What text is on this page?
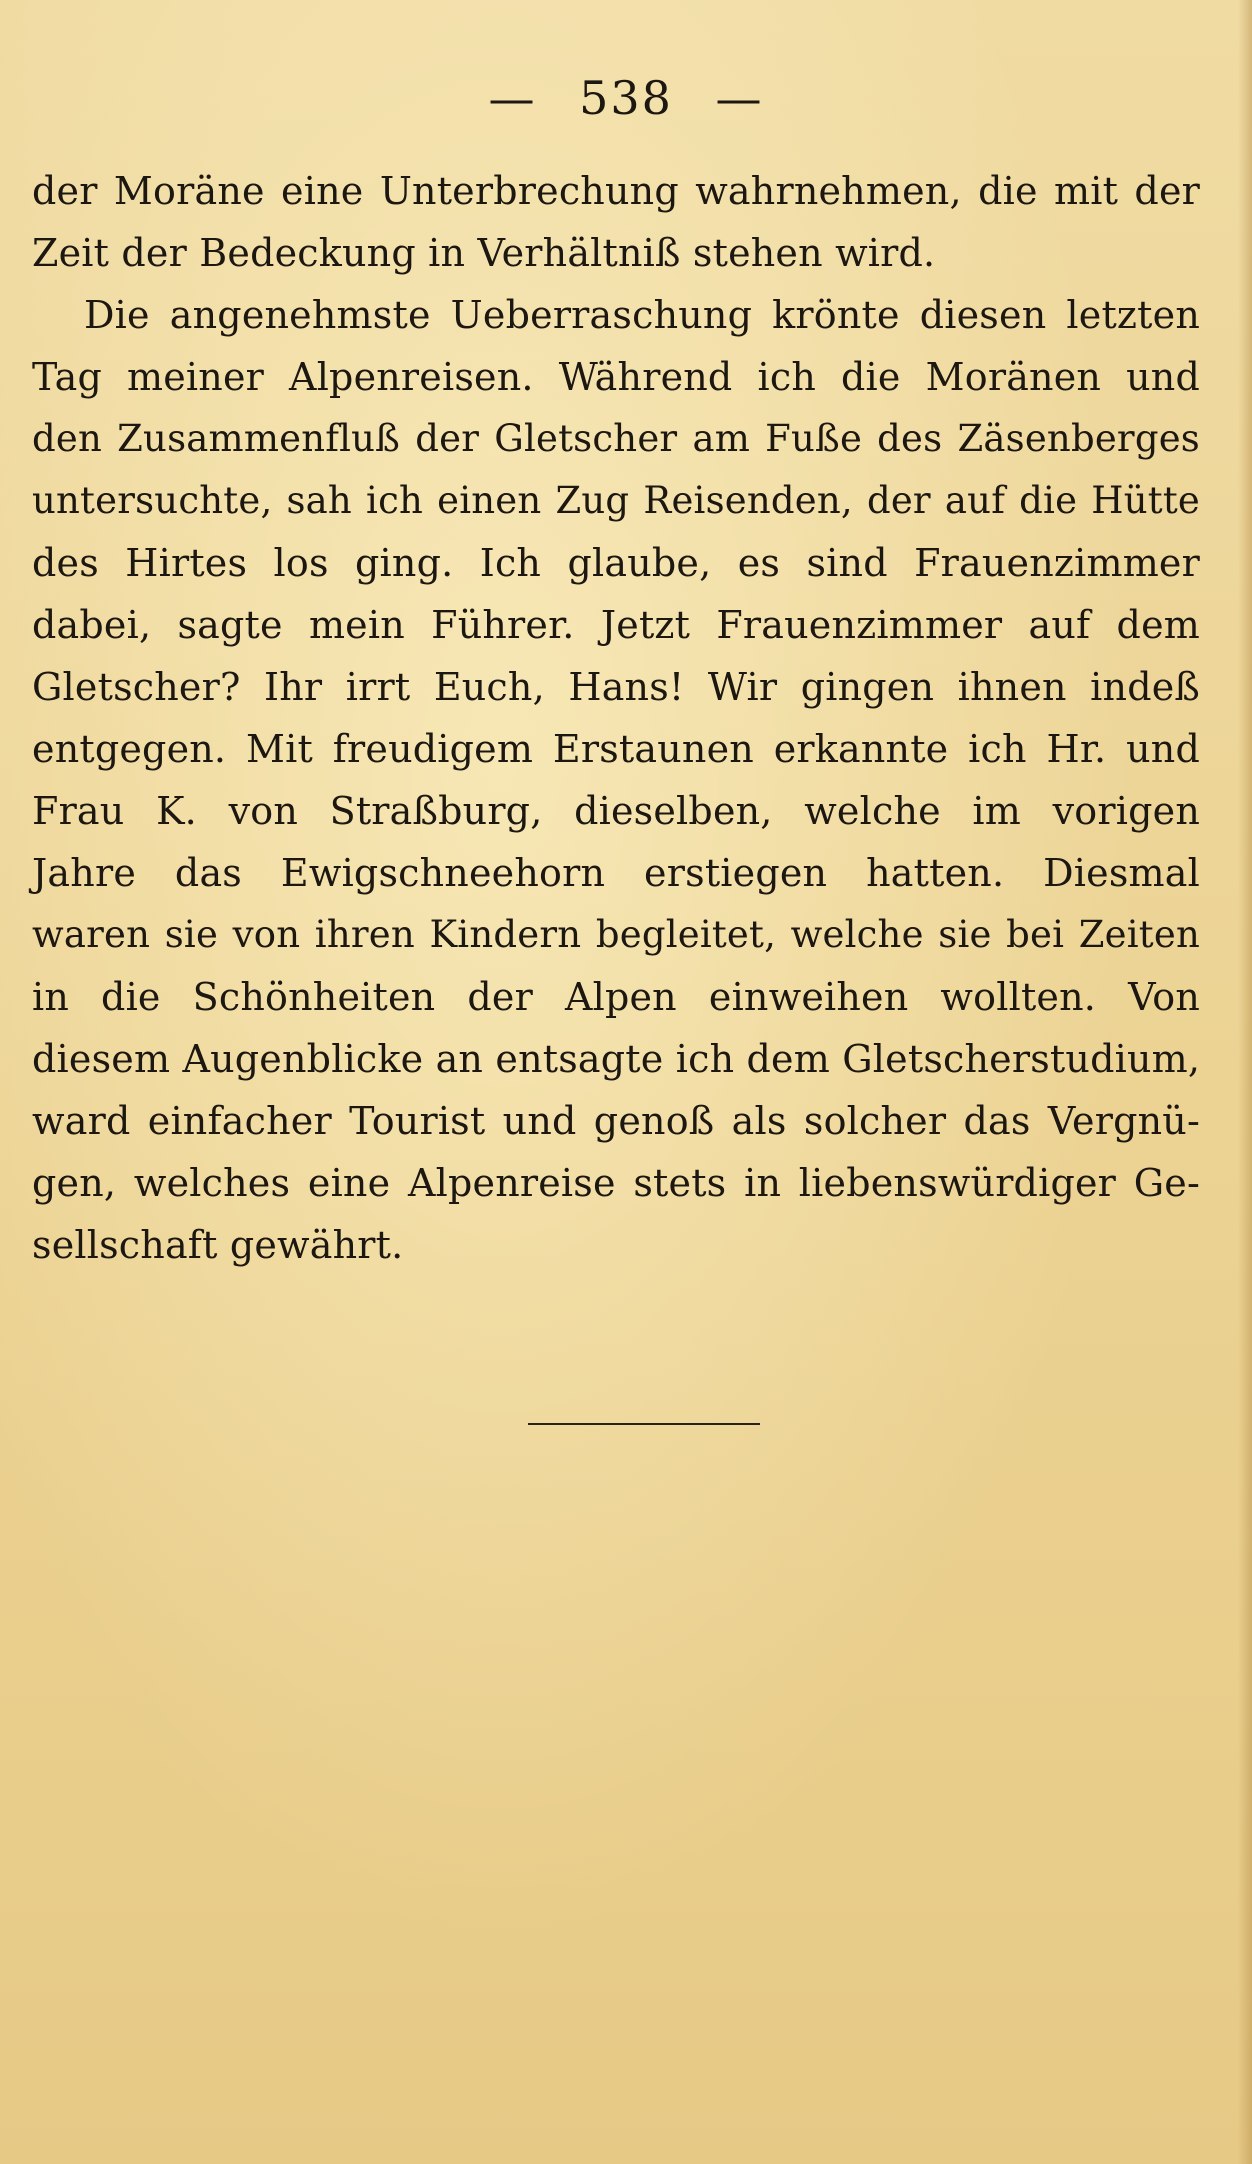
— 538 —
der Moräne eine Unterbrechung wahrnehmen, die mit der
Zeit der Bedeckung in Verhältniß stehen wird.
Die angenehmste Ueberraschung krönte diesen letzten
Tag meiner Alpenreisen. Während ich die Moränen und
den Zusammenfluß der Gletscher am Fuße des Zäsenberges
untersuchte, sah ich einen Zug Reisenden, der auf die Hütte
des Hirtes los ging. Ich glaube, es sind Frauenzimmer
dabei, sagte mein Führer. Jetzt Frauenzimmer auf dem
Gletscher? Ihr irrt Euch, Hans! Wir gingen ihnen indeß
entgegen. Mit freudigem Erstaunen erkannte ich Hr. und
Frau K. von Straßburg, dieselben, welche im vorigen
Jahre das Ewigschneehorn erstiegen hatten. Diesmal
waren sie von ihren Kindern begleitet, welche sie bei Zeiten
in die Schönheiten der Alpen einweihen wollten. Von
diesem Augenblicke an entsagte ich dem Gletscherstudium,
ward einfacher Tourist und genoß als solcher das Vergnü-
gen, welches eine Alpenreise stets in liebenswürdiger Ge-
sellschaft gewährt.
